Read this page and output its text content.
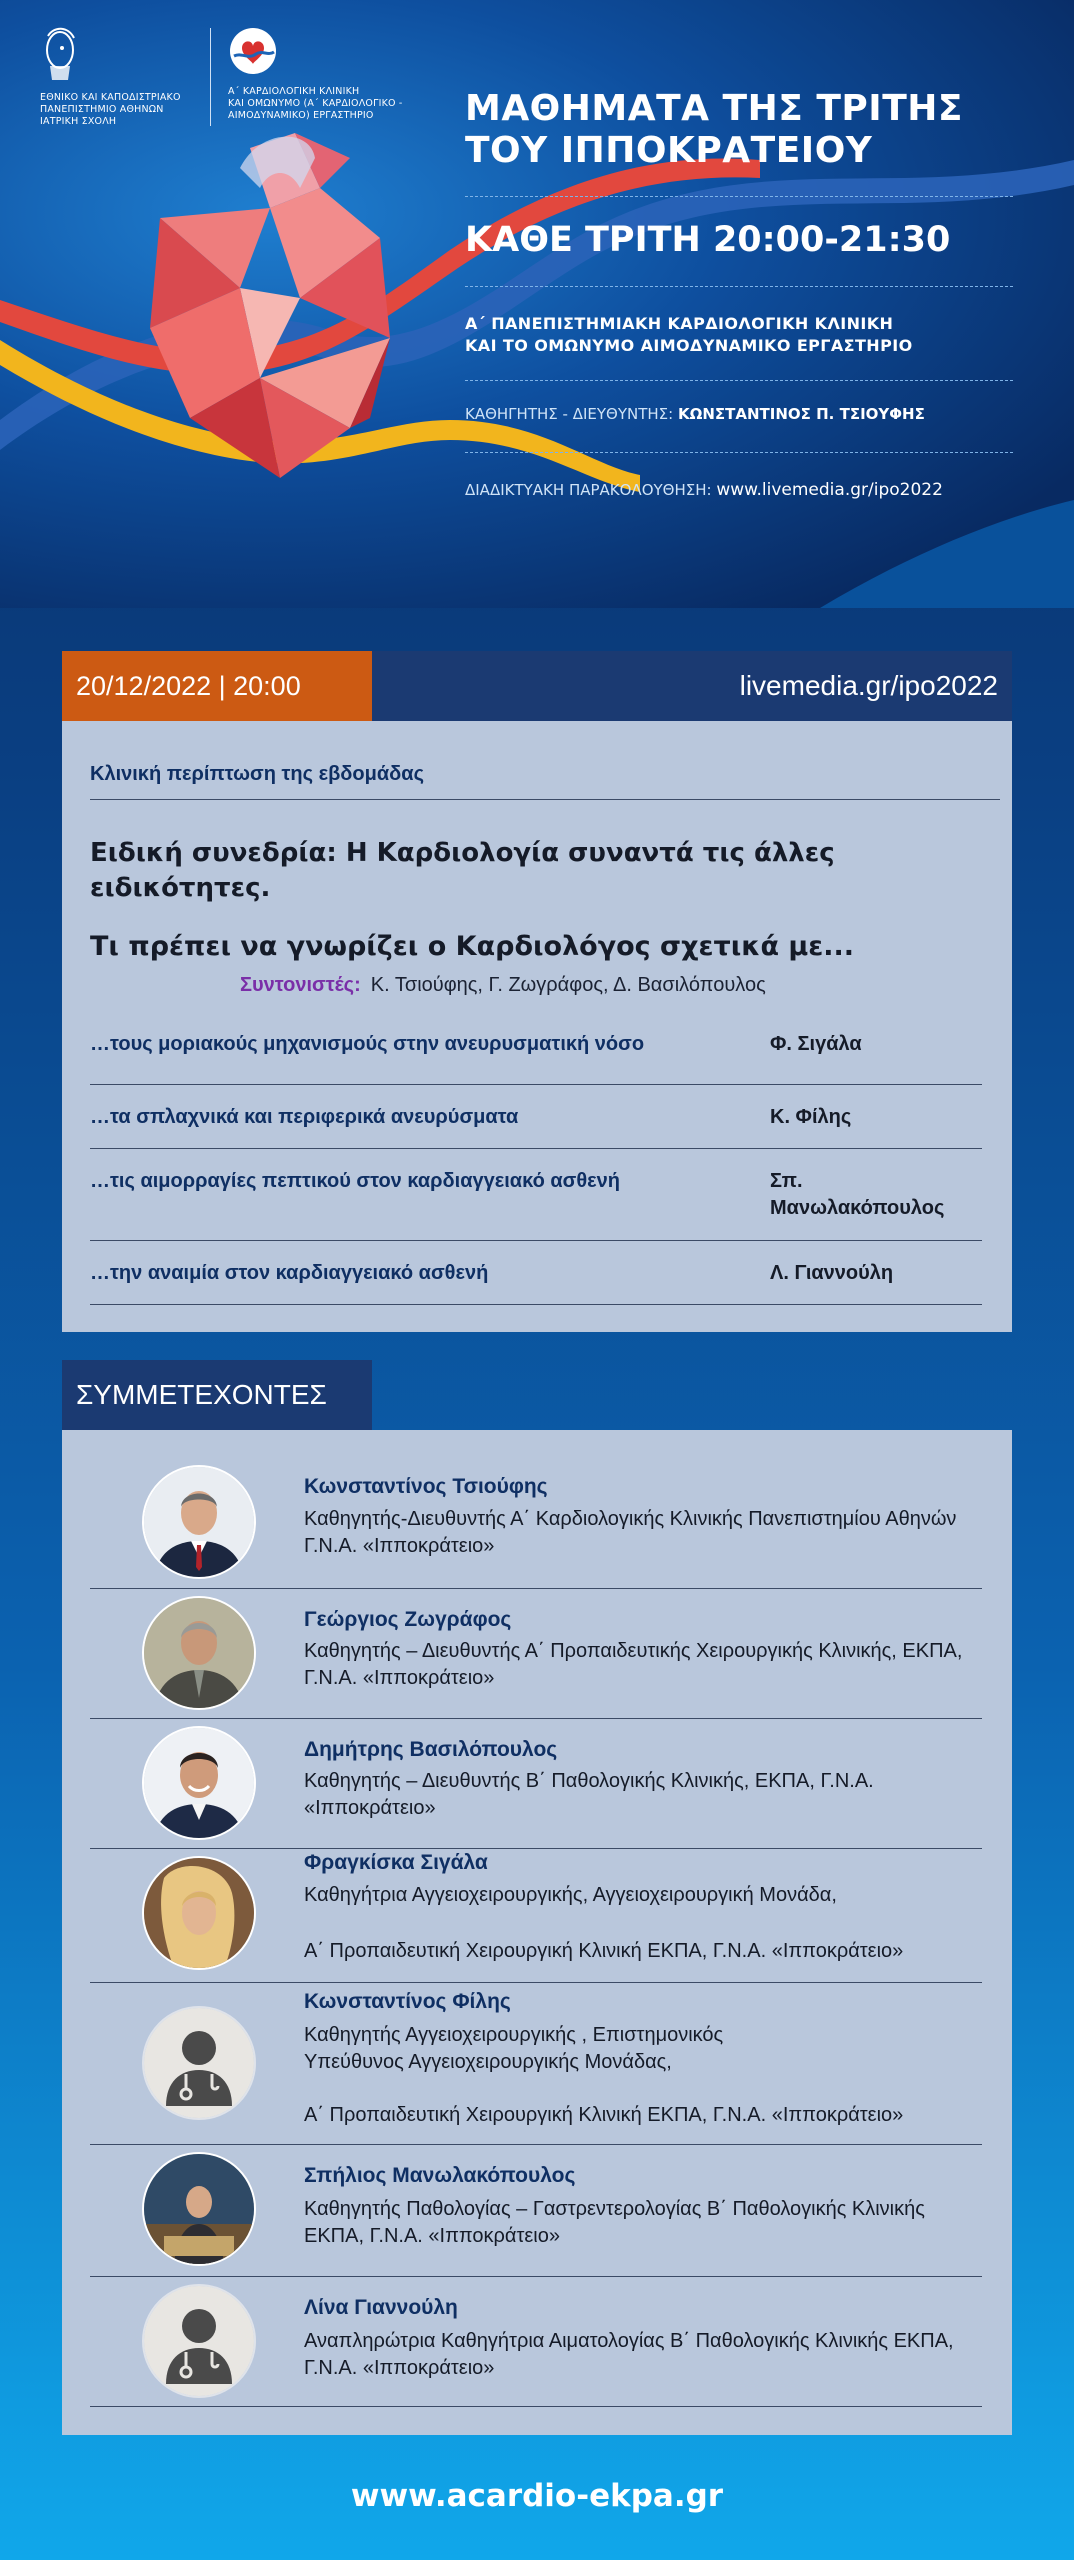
ΕΘΝΙΚΟ ΚΑΙ ΚΑΠΟΔΙΣΤΡΙΑΚΟ
ΠΑΝΕΠΙΣΤΗΜΙΟ ΑΘΗΝΩΝ
ΙΑΤΡΙΚΗ ΣΧΟΛΗ
Α΄ ΚΑΡΔΙΟΛΟΓΙΚΗ ΚΛΙΝΙΚΗ
ΚΑΙ ΟΜΩΝΥΜΟ (Α΄ ΚΑΡΔΙΟΛΟΓΙΚΟ -
ΑΙΜΟΔΥΝΑΜΙΚΟ) ΕΡΓΑΣΤΗΡΙΟ	ΜΑΘΗΜΑΤΑ ΤΗΣ ΤΡΙΤΗΣ
ΤΟΥ ΙΠΠΟΚΡΑΤΕΙΟΥ
ΚΑΘΕ ΤΡΙΤΗ 20:00-21:30
Α΄ ΠΑΝΕΠΙΣΤΗΜΙΑΚΗ ΚΑΡΔΙΟΛΟΓΙΚΗ ΚΛΙΝΙΚΗ
ΚΑΙ ΤΟ ΟΜΩΝΥΜΟ ΑΙΜΟΔΥΝΑΜΙΚΟ ΕΡΓΑΣΤΗΡΙΟ
ΚΑΘΗΓΗΤΗΣ - ΔΙΕΥΘΥΝΤΗΣ: ΚΩΝΣΤΑΝΤΙΝΟΣ Π. ΤΣΙΟΥΦΗΣ
ΔΙΑΔΙΚΤΥΑΚΗ ΠΑΡΑΚΟΛΟΥΘΗΣΗ: www.livemedia.gr/ipo2022
20/12/2022 | 20:00	livemedia.gr/ipo2022
Κλινική περίπτωση της εβδομάδας
Ειδική συνεδρία: Η Καρδιολογία συναντά τις άλλες
ειδικότητες.
Τι πρέπει να γνωρίζει ο Καρδιολόγος σχετικά με...
Συντονιστές: Κ. Τσιούφης, Γ. Ζωγράφος, Δ. Βασιλόπουλος
…τους μοριακούς μηχανισμούς στην ανευρυσματική νόσο	Φ. Σιγάλα
…τα σπλαχνικά και περιφερικά ανευρύσματα	Κ. Φίλης
…τις αιμορραγίες πεπτικού στον καρδιαγγειακό ασθενή	Σπ. Μανωλακόπουλος
…την αναιμία στον καρδιαγγειακό ασθενή	Λ. Γιαννούλη
ΣΥΜΜΕΤΕΧΟΝΤΕΣ
Κωνσταντίνος Τσιούφης
Καθηγητής-Διευθυντής Α΄ Καρδιολογικής Κλινικής Πανεπιστημίου Αθηνών Γ.Ν.Α. «Ιπποκράτειο»
Γεώργιος Ζωγράφος
Καθηγητής – Διευθυντής Α΄ Προπαιδευτικής Χειρουργικής Κλινικής, ΕΚΠΑ, Γ.Ν.Α. «Ιπποκράτειο»
Δημήτρης Βασιλόπουλος
Καθηγητής – Διευθυντής Β΄ Παθολογικής Κλινικής, ΕΚΠΑ, Γ.Ν.Α. «Ιπποκράτειο»
Φραγκίσκα Σιγάλα
Καθηγήτρια Αγγειοχειρουργικής, Αγγειοχειρουργική Μονάδα,
Α΄ Προπαιδευτική Χειρουργική Κλινική ΕΚΠΑ, Γ.Ν.Α. «Ιπποκράτειο»
Κωνσταντίνος Φίλης
Καθηγητής Αγγειοχειρουργικής , Επιστημονικός Υπεύθυνος Αγγειοχειρουργικής Μονάδας,
Α΄ Προπαιδευτική Χειρουργική Κλινική ΕΚΠΑ, Γ.Ν.Α. «Ιπποκράτειο»
Σπήλιος Μανωλακόπουλος
Καθηγητής Παθολογίας – Γαστρεντερολογίας Β΄ Παθολογικής Κλινικής ΕΚΠΑ, Γ.Ν.Α. «Ιπποκράτειο»
Λίνα Γιαννούλη
Αναπληρώτρια Καθηγήτρια Αιματολογίας Β΄ Παθολογικής Κλινικής ΕΚΠΑ, Γ.Ν.Α. «Ιπποκράτειο»
www.acardio-ekpa.gr
